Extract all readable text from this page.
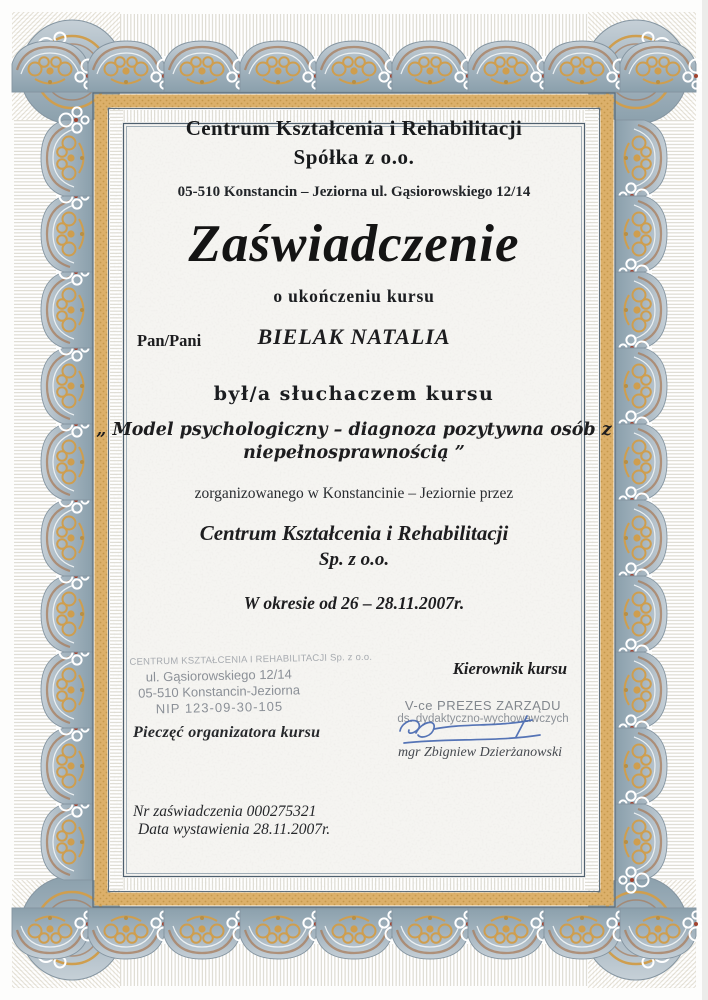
Centrum Kształcenia i Rehabilitacji
Spółka z o.o.
05-510 Konstancin – Jeziorna ul. Gąsiorowskiego 12/14
Zaświadczenie
o ukończeniu kursu
Pan/Pani	BIELAK NATALIA
był/a słuchaczem kursu
„ Model psychologiczny – diagnoza pozytywna osób z
niepełnosprawnością ”
zorganizowanego w Konstancinie – Jeziornie przez
Centrum Kształcenia i Rehabilitacji
Sp. z o.o.
W okresie od 26 – 28.11.2007r.
CENTRUM KSZTAŁCENIA I REHABILITACJI Sp. z o.o.
ul. Gąsiorowskiego 12/14
05-510 Konstancin-Jeziorna
NIP 123-09-30-105
Pieczęć organizatora kursu
Kierownik kursu
V-ce PREZES ZARZĄDU
ds. dydaktyczno-wychowawczych
mgr Zbigniew Dzierżanowski
Nr zaświadczenia 000275321
Data wystawienia 28.11.2007r.
